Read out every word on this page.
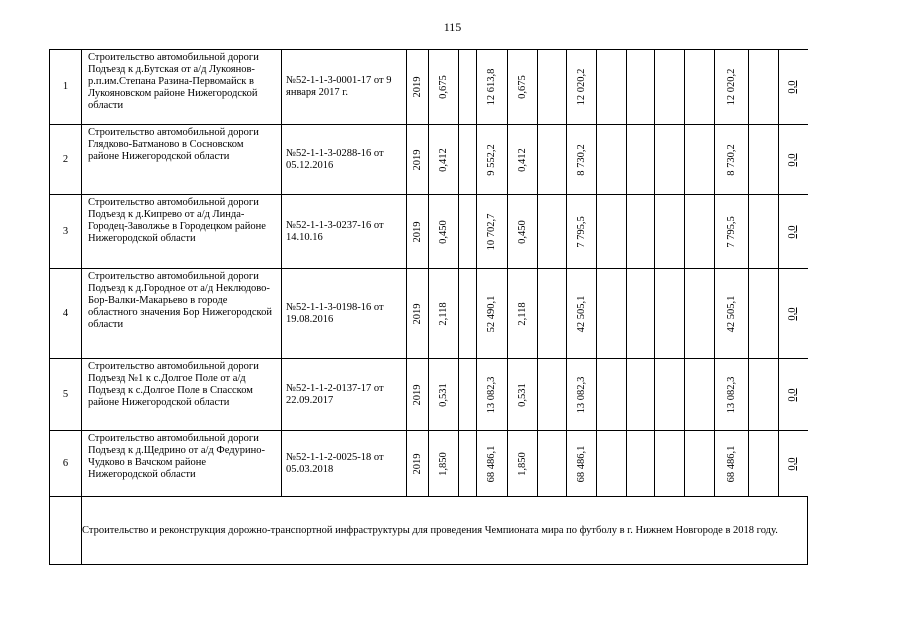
115
1	Строительство автомобильной дороги Подъезд к д.Бутская от а/д Лукоянов-р.п.им.Степана Разина-Первомайск в Лукояновском районе Нижегородской области	№52-1-1-3-0001-17 от 9 января 2017 г.	2019	0,675		12 613,8	0,675		12 020,2					12 020,2		0,0

2	Строительство автомобильной дороги Глядково-Батманово в Сосновском районе Нижегородской области	№52-1-1-3-0288-16 от 05.12.2016	2019	0,412		9 552,2	0,412		8 730,2					8 730,2		0,0

3	Строительство автомобильной дороги Подъезд к д.Кипрево от а/д Линда-Городец-Заволжье в Городецком районе Нижегородской области	№52-1-1-3-0237-16 от 14.10.16	2019	0,450		10 702,7	0,450		7 795,5					7 795,5		0,0

4	Строительство автомобильной дороги Подъезд к д.Городное от а/д Неклюдово-Бор-Валки-Макарьево в городе областного значения Бор Нижегородской области	№52-1-1-3-0198-16 от 19.08.2016	2019	2,118		52 490,1	2,118		42 505,1					42 505,1		0,0

5	Строительство автомобильной дороги Подъезд №1 к с.Долгое Поле от а/д Подъезд к с.Долгое Поле в Спасском районе Нижегородской области	№52-1-1-2-0137-17 от 22.09.2017	2019	0,531		13 082,3	0,531		13 082,3					13 082,3		0,0

6	Строительство автомобильной дороги Подъезд к д.Щедрино от а/д Федурино-Чудково в Вачском районе Нижегородской области	№52-1-1-2-0025-18 от 05.03.2018	2019	1,850		68 486,1	1,850		68 486,1					68 486,1		0,0

	Строительство и реконструкция дорожно-транспортной инфраструктуры для проведения Чемпионата мира по футболу в г. Нижнем Новгороде в 2018 году.															
